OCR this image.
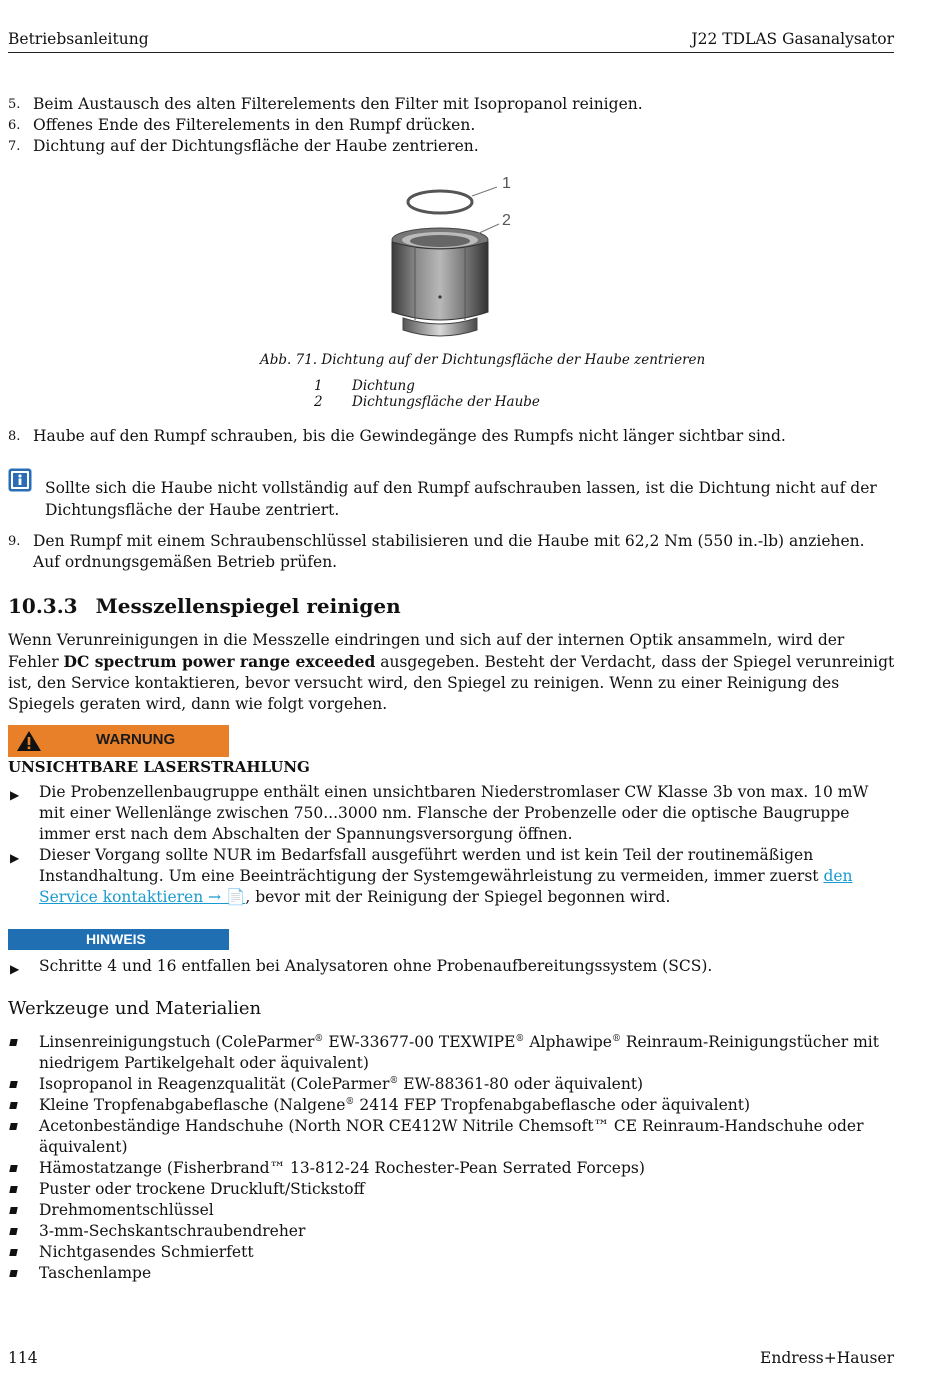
Betriebsanleitung	J22 TDLAS Gasanalysator
5. Beim Austausch des alten Filterelements den Filter mit Isopropanol reinigen.
6. Offenes Ende des Filterelements in den Rumpf drücken.
7. Dichtung auf der Dichtungsfläche der Haube zentrieren.
1
2
Abb. 71. Dichtung auf der Dichtungsfläche der Haube zentrieren
1 Dichtung
2 Dichtungsfläche der Haube
8. Haube auf den Rumpf schrauben, bis die Gewindegänge des Rumpfs nicht länger sichtbar sind.
Sollte sich die Haube nicht vollständig auf den Rumpf aufschrauben lassen, ist die Dichtung nicht auf der Dichtungsfläche der Haube zentriert.
9. Den Rumpf mit einem Schraubenschlüssel stabilisieren und die Haube mit 62,2 Nm (550 in.-lb) anziehen. Auf ordnungsgemäßen Betrieb prüfen.
10.3.3 Messzellenspiegel reinigen
Wenn Verunreinigungen in die Messzelle eindringen und sich auf der internen Optik ansammeln, wird der Fehler DC spectrum power range exceeded ausgegeben. Besteht der Verdacht, dass der Spiegel verunreinigt ist, den Service kontaktieren, bevor versucht wird, den Spiegel zu reinigen. Wenn zu einer Reinigung des Spiegels geraten wird, dann wie folgt vorgehen.
WARNUNG
UNSICHTBARE LASERSTRAHLUNG
▶ Die Probenzellenbaugruppe enthält einen unsichtbaren Niederstromlaser CW Klasse 3b von max. 10 mW mit einer Wellenlänge zwischen 750...3000 nm. Flansche der Probenzelle oder die optische Baugruppe immer erst nach dem Abschalten der Spannungsversorgung öffnen.
▶ Dieser Vorgang sollte NUR im Bedarfsfall ausgeführt werden und ist kein Teil der routinemäßigen Instandhaltung. Um eine Beeinträchtigung der Systemgewährleistung zu vermeiden, immer zuerst den Service kontaktieren → 📄, bevor mit der Reinigung der Spiegel begonnen wird.
HINWEIS
▶ Schritte 4 und 16 entfallen bei Analysatoren ohne Probenaufbereitungssystem (SCS).
Werkzeuge und Materialien
Linsenreinigungstuch (ColeParmer® EW-33677-00 TEXWIPE® Alphawipe® Reinraum-Reinigungstücher mit niedrigem Partikelgehalt oder äquivalent)
Isopropanol in Reagenzqualität (ColeParmer® EW-88361-80 oder äquivalent)
Kleine Tropfenabgabeflasche (Nalgene® 2414 FEP Tropfenabgabeflasche oder äquivalent)
Acetonbeständige Handschuhe (North NOR CE412W Nitrile Chemsoft™ CE Reinraum-Handschuhe oder äquivalent)
Hämostatzange (Fisherbrand™ 13-812-24 Rochester-Pean Serrated Forceps)
Puster oder trockene Druckluft/Stickstoff
Drehmomentschlüssel
3-mm-Sechskantschraubendreher
Nichtgasendes Schmierfett
Taschenlampe
114	Endress+Hauser
